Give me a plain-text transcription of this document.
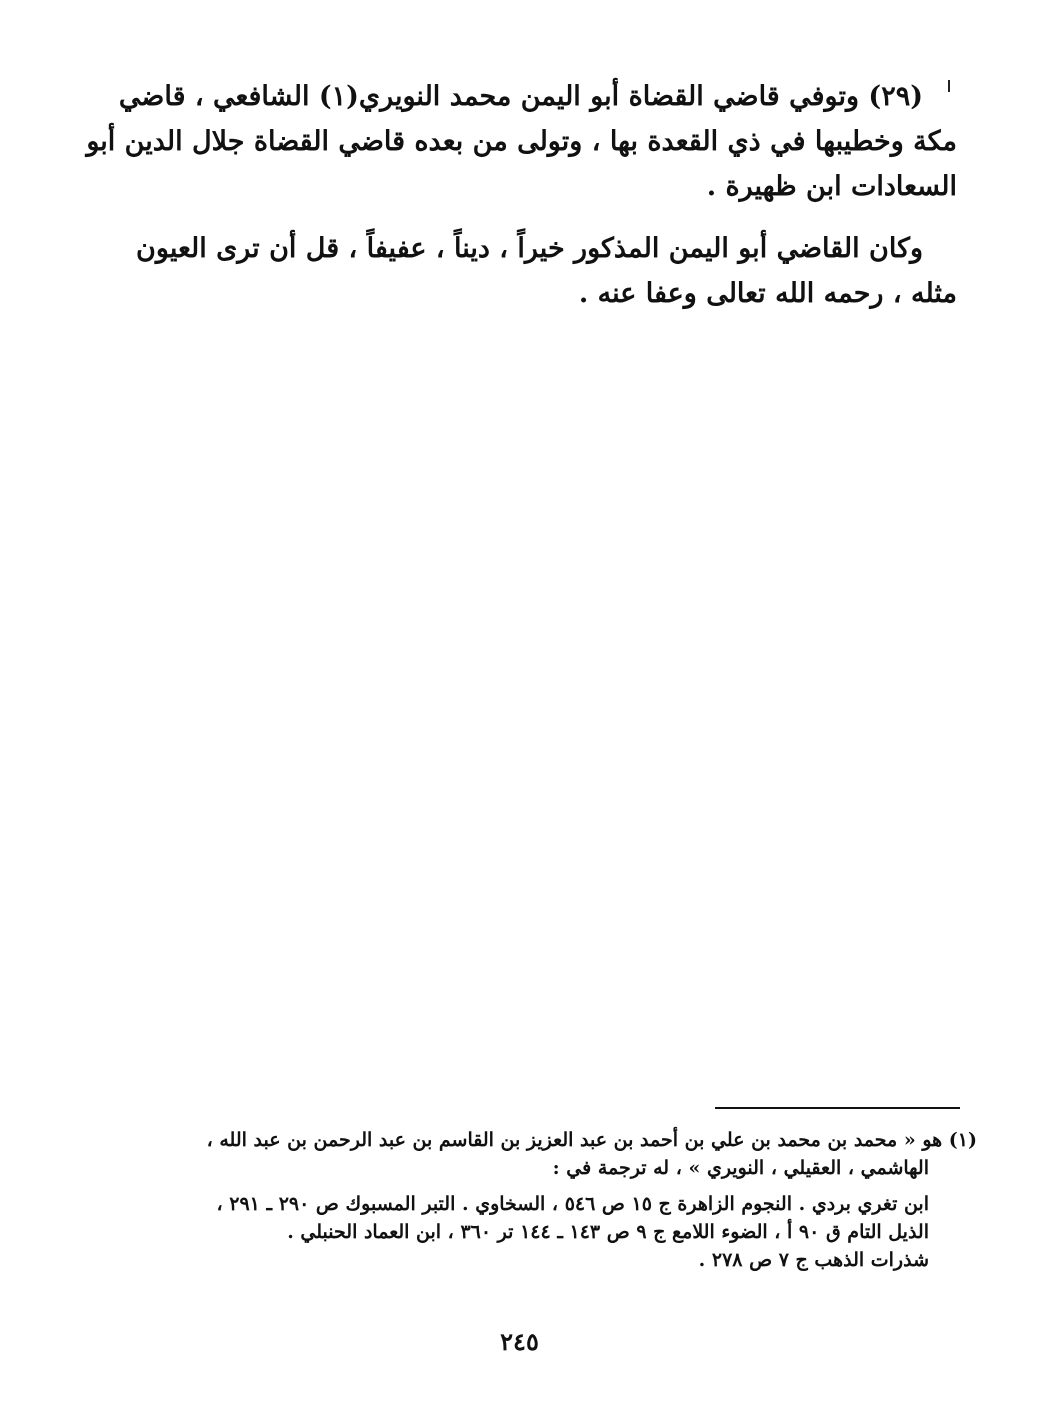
(٢٩) وتوفي قاضي القضاة أبو اليمن محمد النويري(١) الشافعي ، قاضي
مكة وخطيبها في ذي القعدة بها ، وتولى من بعده قاضي القضاة جلال الدين أبو
السعادات ابن ظهيرة .
وكان القاضي أبو اليمن المذكور خيراً ، ديناً ، عفيفاً ، قل أن ترى العيون
مثله ، رحمه الله تعالى وعفا عنه .
(١) هو « محمد بن محمد بن علي بن أحمد بن عبد العزيز بن القاسم بن عبد الرحمن بن عبد الله ،
الهاشمي ، العقيلي ، النويري » ، له ترجمة في :
ابن تغري بردي . النجوم الزاهرة ج ١٥ ص ٥٤٦ ، السخاوي . التبر المسبوك ص ٢٩٠ ـ ٢٩١ ،
الذيل التام ق ٩٠ أ ، الضوء اللامع ج ٩ ص ١٤٣ ـ ١٤٤ تر ٣٦٠ ، ابن العماد الحنبلي .
شذرات الذهب ج ٧ ص ٢٧٨ .
٢٤٥
